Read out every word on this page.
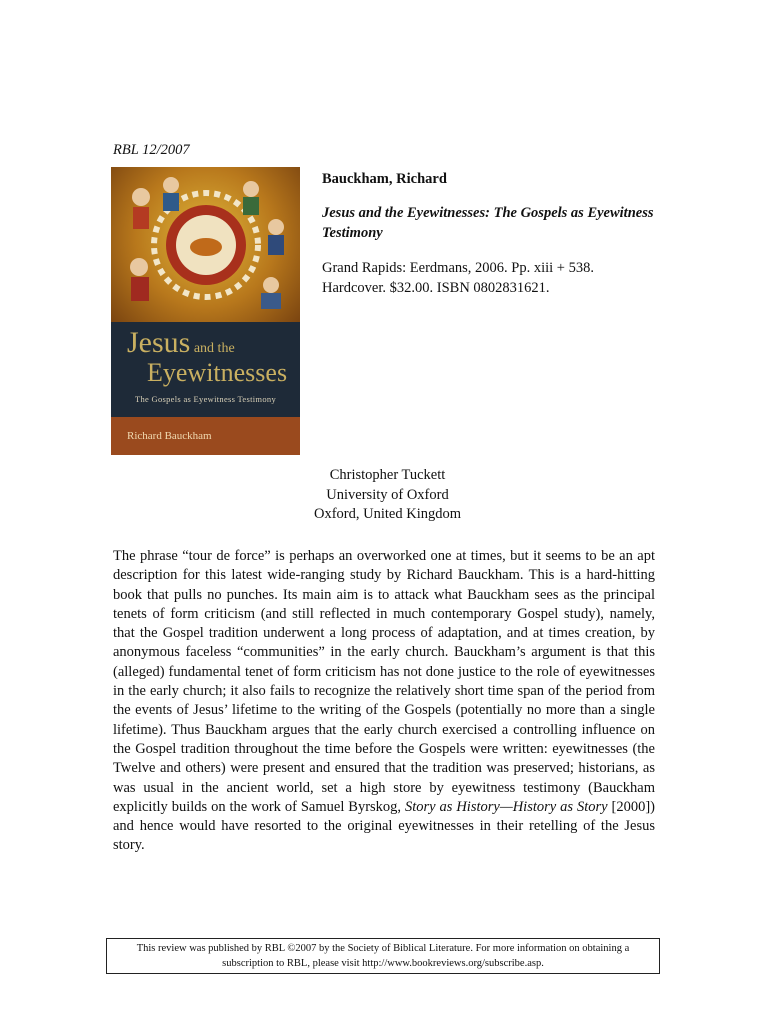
RBL 12/2007
Jesus and the
Eyewitnesses
The Gospels as Eyewitness Testimony
Richard Bauckham
Bauckham, Richard
Jesus and the Eyewitnesses: The Gospels as Eyewitness Testimony
Grand Rapids: Eerdmans, 2006. Pp. xiii + 538.
Hardcover. $32.00. ISBN 0802831621.
Christopher Tuckett
University of Oxford
Oxford, United Kingdom
The phrase “tour de force” is perhaps an overworked one at times, but it seems to be an apt description for this latest wide-ranging study by Richard Bauckham. This is a hard-hitting book that pulls no punches. Its main aim is to attack what Bauckham sees as the principal tenets of form criticism (and still reflected in much contemporary Gospel study), namely, that the Gospel tradition underwent a long process of adaptation, and at times creation, by anonymous faceless “communities” in the early church. Bauckham’s argument is that this (alleged) fundamental tenet of form criticism has not done justice to the role of eyewitnesses in the early church; it also fails to recognize the relatively short time span of the period from the events of Jesus’ lifetime to the writing of the Gospels (potentially no more than a single lifetime). Thus Bauckham argues that the early church exercised a controlling influence on the Gospel tradition throughout the time before the Gospels were written: eyewitnesses (the Twelve and others) were present and ensured that the tradition was preserved; historians, as was usual in the ancient world, set a high store by eyewitness testimony (Bauckham explicitly builds on the work of Samuel Byrskog, Story as History—History as Story [2000]) and hence would have resorted to the original eyewitnesses in their retelling of the Jesus story.
This review was published by RBL ©2007 by the Society of Biblical Literature. For more information on obtaining a
subscription to RBL, please visit http://www.bookreviews.org/subscribe.asp.
